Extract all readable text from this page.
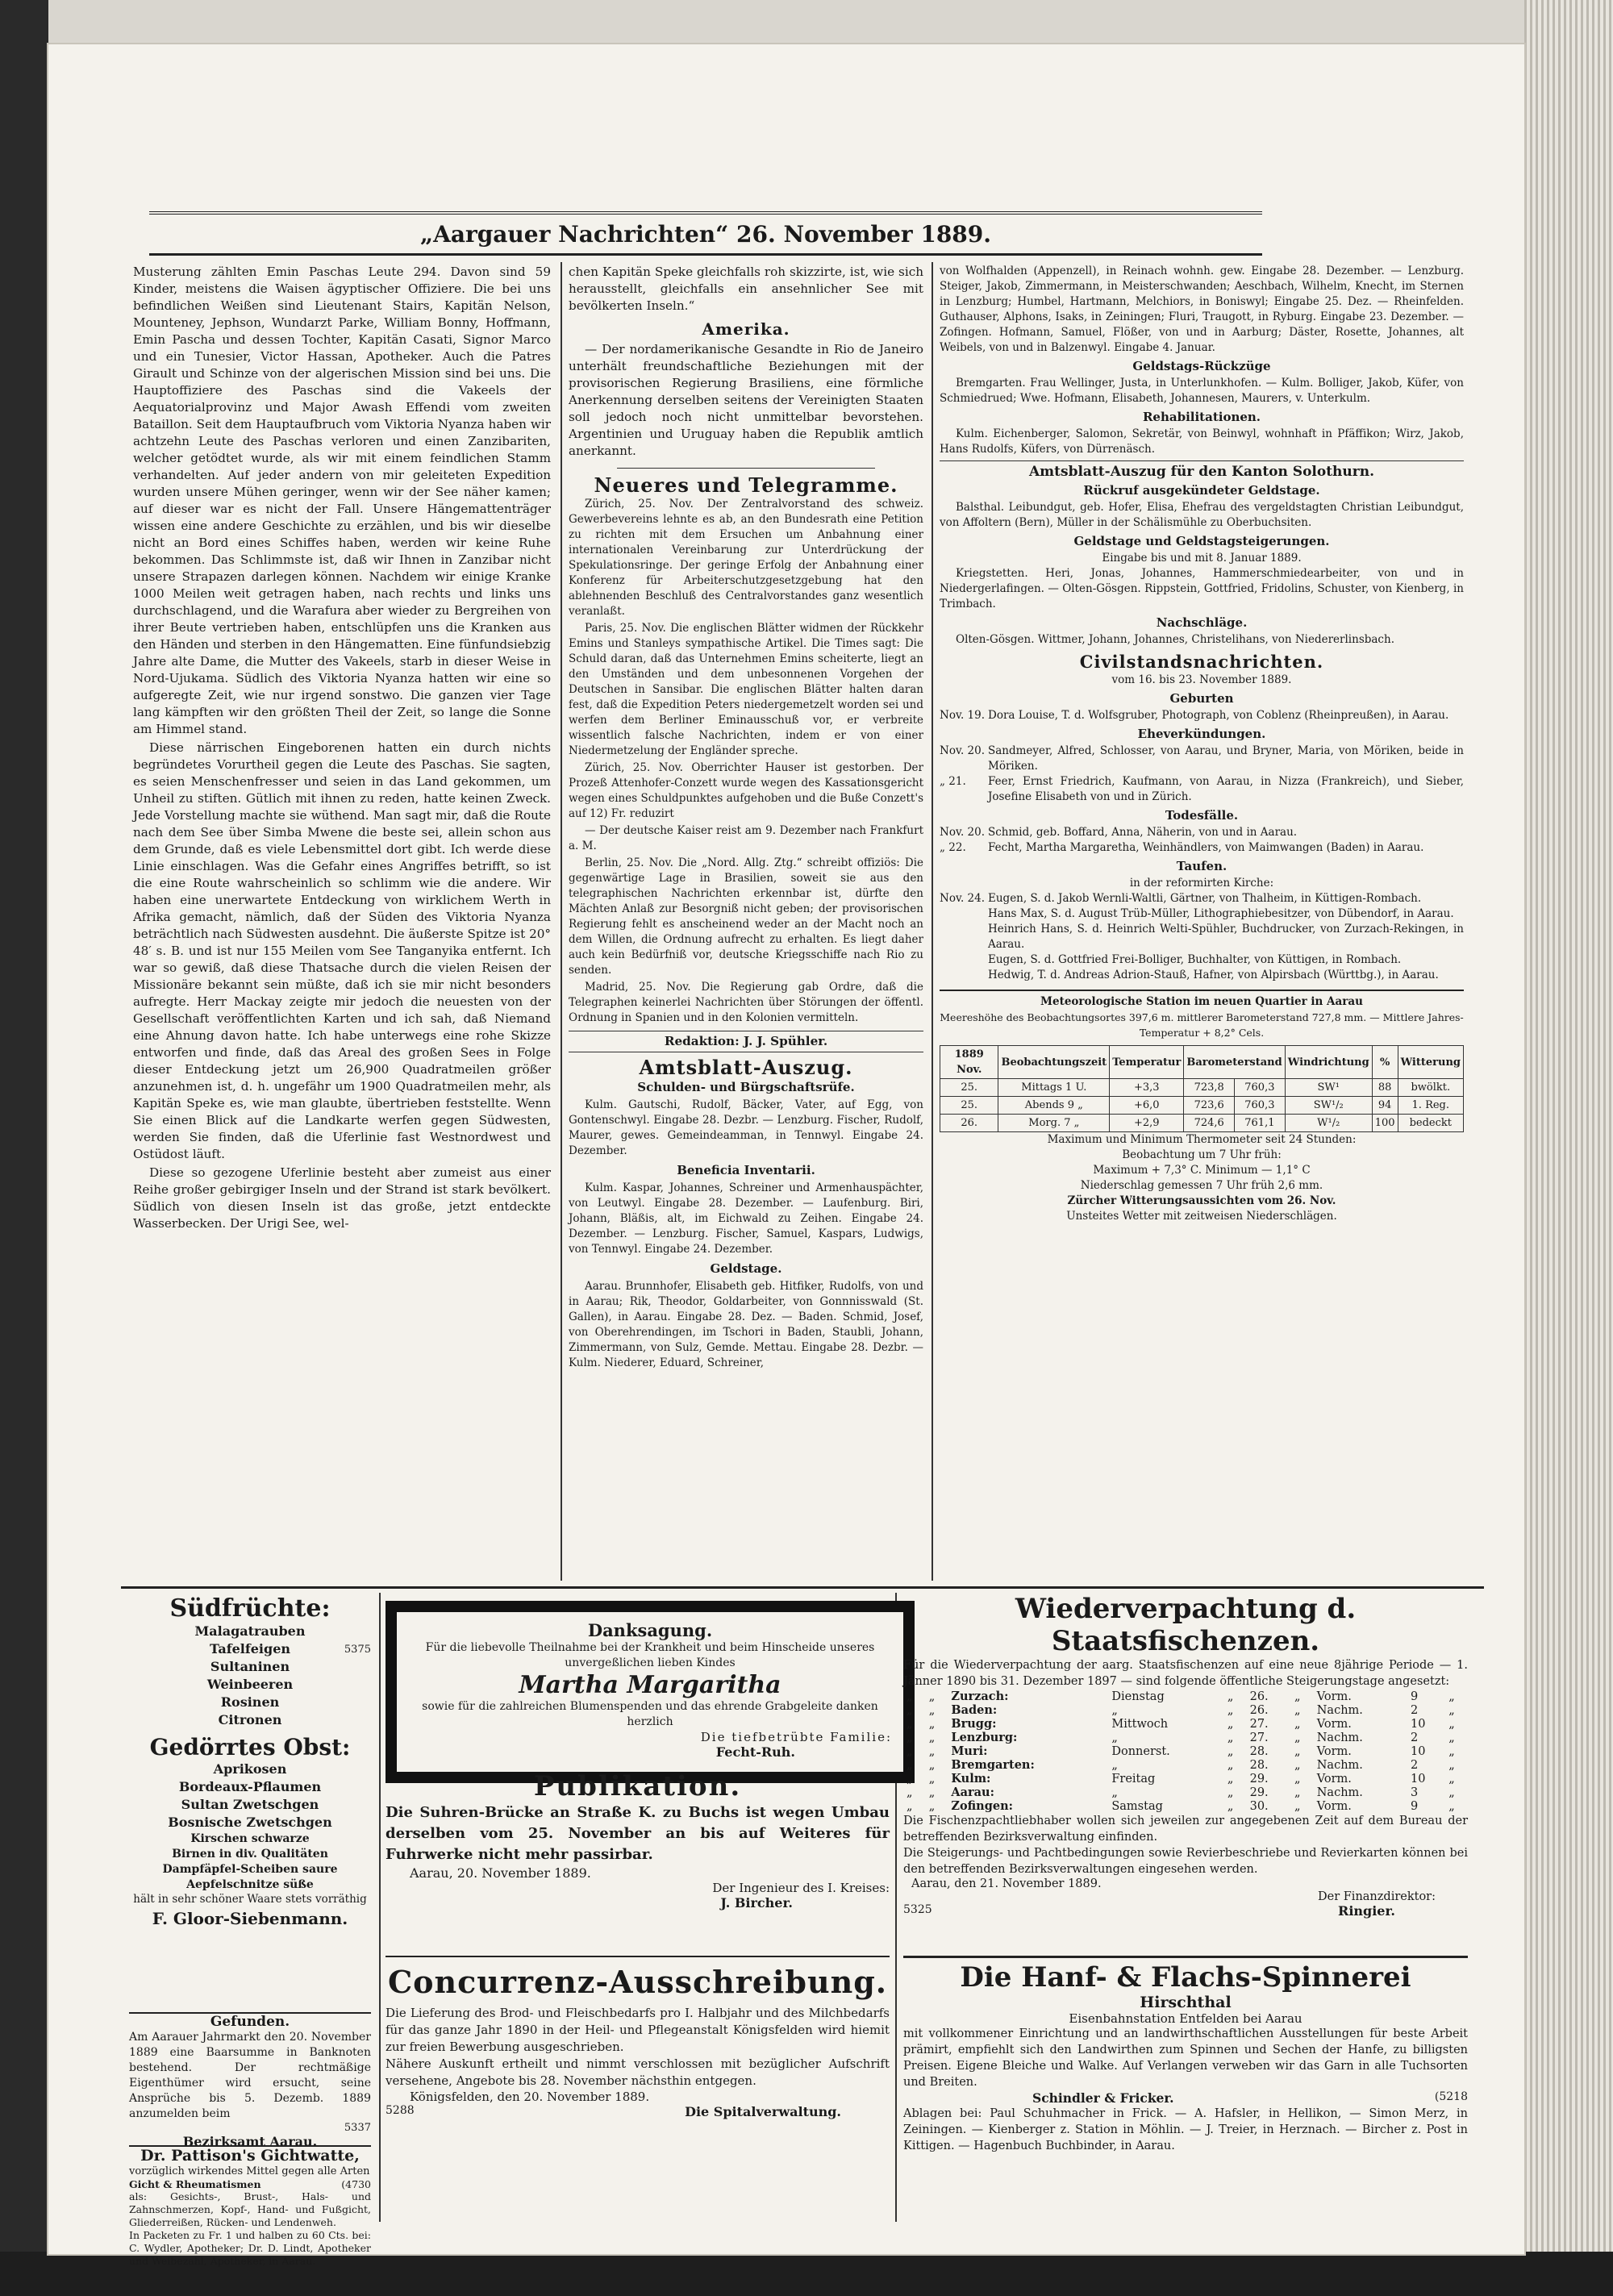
„Aargauer Nachrichten“ 26. November 1889.

Musterung zählten Emin Paschas Leute 294. Davon sind 59 Kinder, meistens die Waisen ägyptischer Offiziere. Die bei uns befindlichen Weißen sind Lieutenant Stairs, Kapitän Nelson, Mounteney, Jephson, Wundarzt Parke, William Bonny, Hoffmann, Emin Pascha und dessen Tochter, Kapitän Casati, Signor Marco und ein Tunesier, Victor Hassan, Apotheker. Auch die Patres Girault und Schinze von der algerischen Mission sind bei uns. Die Hauptoffiziere des Paschas sind die Vakeels der Aequatorialprovinz und Major Awash Effendi vom zweiten Bataillon. Seit dem Hauptaufbruch vom Viktoria Nyanza haben wir achtzehn Leute des Paschas verloren und einen Zanzibariten, welcher getödtet wurde, als wir mit einem feindlichen Stamm verhandelten. Auf jeder andern von mir geleiteten Expedition wurden unsere Mühen geringer, wenn wir der See näher kamen; auf dieser war es nicht der Fall. Unsere Hängemattenträger wissen eine andere Geschichte zu erzählen, und bis wir dieselbe nicht an Bord eines Schiffes haben, werden wir keine Ruhe bekommen. Das Schlimmste ist, daß wir Ihnen in Zanzibar nicht unsere Strapazen darlegen können. Nachdem wir einige Kranke 1000 Meilen weit getragen haben, nach rechts und links uns durchschlagend, und die Warafura aber wieder zu Bergreihen von ihrer Beute vertrieben haben, entschlüpfen uns die Kranken aus den Händen und sterben in den Hängematten. Eine fünfundsiebzig Jahre alte Dame, die Mutter des Vakeels, starb in dieser Weise in Nord-Ujukama. Südlich des Viktoria Nyanza hatten wir eine so aufgeregte Zeit, wie nur irgend sonstwo. Die ganzen vier Tage lang kämpften wir den größten Theil der Zeit, so lange die Sonne am Himmel stand.

Diese närrischen Eingeborenen hatten ein durch nichts begründetes Vorurtheil gegen die Leute des Paschas. Sie sagten, es seien Menschenfresser und seien in das Land gekommen, um Unheil zu stiften. Gütlich mit ihnen zu reden, hatte keinen Zweck. Jede Vorstellung machte sie wüthend. Man sagt mir, daß die Route nach dem See über Simba Mwene die beste sei, allein schon aus dem Grunde, daß es viele Lebensmittel dort gibt. Ich werde diese Linie einschlagen. Was die Gefahr eines Angriffes betrifft, so ist die eine Route wahrscheinlich so schlimm wie die andere. Wir haben eine unerwartete Entdeckung von wirklichem Werth in Afrika gemacht, nämlich, daß der Süden des Viktoria Nyanza beträchtlich nach Südwesten ausdehnt. Die äußerste Spitze ist 20° 48′ s. B. und ist nur 155 Meilen vom See Tanganyika entfernt. Ich war so gewiß, daß diese Thatsache durch die vielen Reisen der Missionäre bekannt sein müßte, daß ich sie mir nicht besonders aufregte. Herr Mackay zeigte mir jedoch die neuesten von der Gesellschaft veröffentlichten Karten und ich sah, daß Niemand eine Ahnung davon hatte. Ich habe unterwegs eine rohe Skizze entworfen und finde, daß das Areal des großen Sees in Folge dieser Entdeckung jetzt um 26,900 Quadratmeilen größer anzunehmen ist, d. h. ungefähr um 1900 Quadratmeilen mehr, als Kapitän Speke es, wie man glaubte, übertrieben feststellte. Wenn Sie einen Blick auf die Landkarte werfen gegen Südwesten, werden Sie finden, daß die Uferlinie fast Westnordwest und Ostüdost läuft.

Diese so gezogene Uferlinie besteht aber zumeist aus einer Reihe großer gebirgiger Inseln und der Strand ist stark bevölkert. Südlich von diesen Inseln ist das große, jetzt entdeckte Wasserbecken. Der Urigi See, wel-

chen Kapitän Speke gleichfalls roh skizzirte, ist, wie sich herausstellt, gleichfalls ein ansehnlicher See mit bevölkerten Inseln.“

Amerika.

— Der nordamerikanische Gesandte in Rio de Janeiro unterhält freundschaftliche Beziehungen mit der provisorischen Regierung Brasiliens, eine förmliche Anerkennung derselben seitens der Vereinigten Staaten soll jedoch noch nicht unmittelbar bevorstehen. Argentinien und Uruguay haben die Republik amtlich anerkannt.

Neueres und Telegramme.

Zürich, 25. Nov. Der Zentralvorstand des schweiz. Gewerbevereins lehnte es ab, an den Bundesrath eine Petition zu richten mit dem Ersuchen um Anbahnung einer internationalen Vereinbarung zur Unterdrückung der Spekulationsringe. Der geringe Erfolg der Anbahnung einer Konferenz für Arbeiterschutzgesetzgebung hat den ablehnenden Beschluß des Centralvorstandes ganz wesentlich veranlaßt.

Paris, 25. Nov. Die englischen Blätter widmen der Rückkehr Emins und Stanleys sympathische Artikel. Die Times sagt: Die Schuld daran, daß das Unternehmen Emins scheiterte, liegt an den Umständen und dem unbesonnenen Vorgehen der Deutschen in Sansibar. Die englischen Blätter halten daran fest, daß die Expedition Peters niedergemetzelt worden sei und werfen dem Berliner Eminausschuß vor, er verbreite wissentlich falsche Nachrichten, indem er von einer Niedermetzelung der Engländer spreche.

Zürich, 25. Nov. Oberrichter Hauser ist gestorben. Der Prozeß Attenhofer-Conzett wurde wegen des Kassationsgericht wegen eines Schuldpunktes aufgehoben und die Buße Conzett's auf 12) Fr. reduzirt

— Der deutsche Kaiser reist am 9. Dezember nach Frankfurt a. M.

Berlin, 25. Nov. Die „Nord. Allg. Ztg.“ schreibt offiziös: Die gegenwärtige Lage in Brasilien, soweit sie aus den telegraphischen Nachrichten erkennbar ist, dürfte den Mächten Anlaß zur Besorgniß nicht geben; der provisorischen Regierung fehlt es anscheinend weder an der Macht noch an dem Willen, die Ordnung aufrecht zu erhalten. Es liegt daher auch kein Bedürfniß vor, deutsche Kriegsschiffe nach Rio zu senden.

Madrid, 25. Nov. Die Regierung gab Ordre, daß die Telegraphen keinerlei Nachrichten über Störungen der öffentl. Ordnung in Spanien und in den Kolonien vermitteln.

Redaktion: J. J. Spühler.
Amtsblatt-Auszug.
Schulden- und Bürgschaftsrüfe.

Kulm. Gautschi, Rudolf, Bäcker, Vater, auf Egg, von Gontenschwyl. Eingabe 28. Dezbr. — Lenzburg. Fischer, Rudolf, Maurer, gewes. Gemeindeamman, in Tennwyl. Eingabe 24. Dezember.

Beneficia Inventarii.

Kulm. Kaspar, Johannes, Schreiner und Armenhauspächter, von Leutwyl. Eingabe 28. Dezember. — Laufenburg. Biri, Johann, Bläßis, alt, im Eichwald zu Zeihen. Eingabe 24. Dezember. — Lenzburg. Fischer, Samuel, Kaspars, Ludwigs, von Tennwyl. Eingabe 24. Dezember.

Geldstage.

Aarau. Brunnhofer, Elisabeth geb. Hitfiker, Rudolfs, von und in Aarau; Rik, Theodor, Goldarbeiter, von Gonnnisswald (St. Gallen), in Aarau. Eingabe 28. Dez. — Baden. Schmid, Josef, von Oberehrendingen, im Tschori in Baden, Staubli, Johann, Zimmermann, von Sulz, Gemde. Mettau. Eingabe 28. Dezbr. — Kulm. Niederer, Eduard, Schreiner,

von Wolfhalden (Appenzell), in Reinach wohnh. gew. Eingabe 28. Dezember. — Lenzburg. Steiger, Jakob, Zimmermann, in Meisterschwanden; Aeschbach, Wilhelm, Knecht, im Sternen in Lenzburg; Humbel, Hartmann, Melchiors, in Boniswyl; Eingabe 25. Dez. — Rheinfelden. Guthauser, Alphons, Isaks, in Zeiningen; Fluri, Traugott, in Ryburg. Eingabe 23. Dezember. — Zofingen. Hofmann, Samuel, Flößer, von und in Aarburg; Däster, Rosette, Johannes, alt Weibels, von und in Balzenwyl. Eingabe 4. Januar.

Geldstags-Rückzüge

Bremgarten. Frau Wellinger, Justa, in Unterlunkhofen. — Kulm. Bolliger, Jakob, Küfer, von Schmiedrued; Wwe. Hofmann, Elisabeth, Johannesen, Maurers, v. Unterkulm.

Rehabilitationen.

Kulm. Eichenberger, Salomon, Sekretär, von Beinwyl, wohnhaft in Pfäffikon; Wirz, Jakob, Hans Rudolfs, Küfers, von Dürrenäsch.

Amtsblatt-Auszug für den Kanton Solothurn.
Rückruf ausgekündeter Geldstage.

Balsthal. Leibundgut, geb. Hofer, Elisa, Ehefrau des vergeldstagten Christian Leibundgut, von Affoltern (Bern), Müller in der Schälismühle zu Oberbuchsiten.

Geldstage und Geldstagsteigerungen.
Eingabe bis und mit 8. Januar 1889.

Kriegstetten. Heri, Jonas, Johannes, Hammerschmiedearbeiter, von und in Niedergerlafingen. — Olten-Gösgen. Rippstein, Gottfried, Fridolins, Schuster, von Kienberg, in Trimbach.

Nachschläge.

Olten-Gösgen. Wittmer, Johann, Johannes, Christelihans, von Niedererlinsbach.

Civilstandsnachrichten.
vom 16. bis 23. November 1889.
Geburten
Nov. 19. Dora Louise, T. d. Wolfsgruber, Photograph, von Coblenz (Rheinpreußen), in Aarau.
Eheverkündungen.
Nov. 20. Sandmeyer, Alfred, Schlosser, von Aarau, und Bryner, Maria, von Möriken, beide in Möriken.
„ 21.	Feer, Ernst Friedrich, Kaufmann, von Aarau, in Nizza (Frankreich), und Sieber, Josefine Elisabeth von und in Zürich.
Todesfälle.
Nov. 20. Schmid, geb. Boffard, Anna, Näherin, von und in Aarau.
„ 22.	Fecht, Martha Margaretha, Weinhändlers, von Maimwangen (Baden) in Aarau.
Taufen.
in der reformirten Kirche:
Nov. 24. Eugen, S. d. Jakob Wernli-Waltli, Gärtner, von Thalheim, in Küttigen-Rombach.
Hans Max, S. d. August Trüb-Müller, Lithographiebesitzer, von Dübendorf, in Aarau.
Heinrich Hans, S. d. Heinrich Welti-Spühler, Buchdrucker, von Zurzach-Rekingen, in Aarau.
Eugen, S. d. Gottfried Frei-Bolliger, Buchhalter, von Küttigen, in Rombach.
Hedwig, T. d. Andreas Adrion-Stauß, Hafner, von Alpirsbach (Württbg.), in Aarau.
Meteorologische Station im neuen Quartier in Aarau
Meereshöhe des Beobachtungsortes 397,6 m. mittlerer Barometerstand 727,8 mm. — Mittlere Jahres-Temperatur + 8,2° Cels.
1889 Nov.	Beobachtungszeit	Temperatur	Barometerstand		Windrichtung	%	Witterung
25.	Mittags 1 U.	+3,3	723,8	760,3	SW¹	88	bwölkt.
25.	Abends 9 „	+6,0	723,6	760,3	SW¹/₂	94	1. Reg.
26.	Morg. 7 „	+2,9	724,6	761,1	W¹/₂	100	bedeckt
Maximum und Minimum Thermometer seit 24 Stunden:
Beobachtung um 7 Uhr früh:
Maximum + 7,3° C. Minimum — 1,1° C
Niederschlag gemessen 7 Uhr früh 2,6 mm.
Zürcher Witterungsaussichten vom 26. Nov.
Unsteites Wetter mit zeitweisen Niederschlägen.
Südfrüchte:
Malagatrauben
Tafelfeigen
Sultaninen
5375
Weinbeeren
Rosinen
Citronen
Gedörrtes Obst:
Aprikosen
Bordeaux-Pflaumen
Sultan Zwetschgen
Bosnische Zwetschgen
Kirschen schwarze
Birnen in div. Qualitäten
Dampfäpfel-Scheiben saure
Aepfelschnitze süße
hält in sehr schöner Waare stets vorräthig
F. Gloor-Siebenmann.
Gefunden.
Am Aarauer Jahrmarkt den 20. November 1889 eine Baarsumme in Banknoten bestehend. Der rechtmäßige Eigenthümer wird ersucht, seine Ansprüche bis 5. Dezemb. 1889 anzumelden beim
5337
Bezirksamt Aarau.
Danksagung.
Für die liebevolle Theilnahme bei der Krankheit und beim Hinscheide unseres unvergeßlichen lieben Kindes
Martha Margaritha
sowie für die zahlreichen Blumenspenden und das ehrende Grabgeleite danken herzlich
Die tiefbetrübte Familie:
Fecht-Ruh.
Publikation.
Die Suhren-Brücke an Straße K. zu Buchs ist wegen Umbau derselben vom 25. November an bis auf Weiteres für Fuhrwerke nicht mehr passirbar.
Aarau, 20. November 1889.
Der Ingenieur des I. Kreises:
J. Bircher.
Concurrenz-Ausschreibung.
Die Lieferung des Brod- und Fleischbedarfs pro I. Halbjahr und des Milchbedarfs für das ganze Jahr 1890 in der Heil- und Pflegeanstalt Königsfelden wird hiemit zur freien Bewerbung ausgeschrieben.
Nähere Auskunft ertheilt und nimmt verschlossen mit bezüglicher Aufschrift versehene, Angebote bis 28. November nächsthin entgegen.
Königsfelden, den 20. November 1889.
5288	Die Spitalverwaltung.
Wiederverpachtung d. Staatsfischenzen.
Für die Wiederverpachtung der aarg. Staatsfischenzen auf eine neue 8jährige Periode — 1. Jänner 1890 bis 31. Dezember 1897 — sind folgende öffentliche Steigerungstage angesetzt:
„	„	Zurzach:	Dienstag	„	26.	„	Vorm.	9	„
„	„	Baden:	„	„	26.	„	Nachm.	2	„
„	„	Brugg:	Mittwoch	„	27.	„	Vorm.	10	„
„	„	Lenzburg:	„	„	27.	„	Nachm.	2	„
„	„	Muri:	Donnerst.	„	28.	„	Vorm.	10	„
„	„	Bremgarten:	„	„	28.	„	Nachm.	2	„
„	„	Kulm:	Freitag	„	29.	„	Vorm.	10	„
„	„	Aarau:	„	„	29.	„	Nachm.	3	„
„	„	Zofingen:	Samstag	„	30.	„	Vorm.	9	„
Die Fischenzpachtliebhaber wollen sich jeweilen zur angegebenen Zeit auf dem Bureau der betreffenden Bezirksverwaltung einfinden.
Die Steigerungs- und Pachtbedingungen sowie Revierbeschriebe und Revierkarten können bei den betreffenden Bezirksverwaltungen eingesehen werden.
Aarau, den 21. November 1889.
Der Finanzdirektor:
5325	Ringier.
Die Hanf- & Flachs-Spinnerei
Hirschthal
Eisenbahnstation Entfelden bei Aarau
mit vollkommener Einrichtung und an landwirthschaftlichen Ausstellungen für beste Arbeit prämirt, empfiehlt sich den Landwirthen zum Spinnen und Sechen der Hanfe, zu billigsten Preisen. Eigene Bleiche und Walke. Auf Verlangen verweben wir das Garn in alle Tuchsorten und Breiten.
Schindler & Fricker.	(5218
Ablagen bei: Paul Schuhmacher in Frick. — A. Hafsler, in Hellikon, — Simon Merz, in Zeiningen. — Kienberger z. Station in Möhlin. — J. Treier, in Herznach. — Bircher z. Post in Kittigen. — Hagenbuch Buchbinder, in Aarau.
Dr. Pattison's Gichtwatte,
vorzüglich wirkendes Mittel gegen alle Arten
Gicht & Rheumatismen	(4730
als: Gesichts-, Brust-, Hals- und Zahnschmerzen, Kopf-, Hand- und Fußgicht, Gliederreißen, Rücken- und Lendenweh.
In Packeten zu Fr. 1 und halben zu 60 Cts. bei: C. Wydler, Apotheker; Dr. D. Lindt, Apotheker und Weibezahl, Apotheker, in Aarau.
